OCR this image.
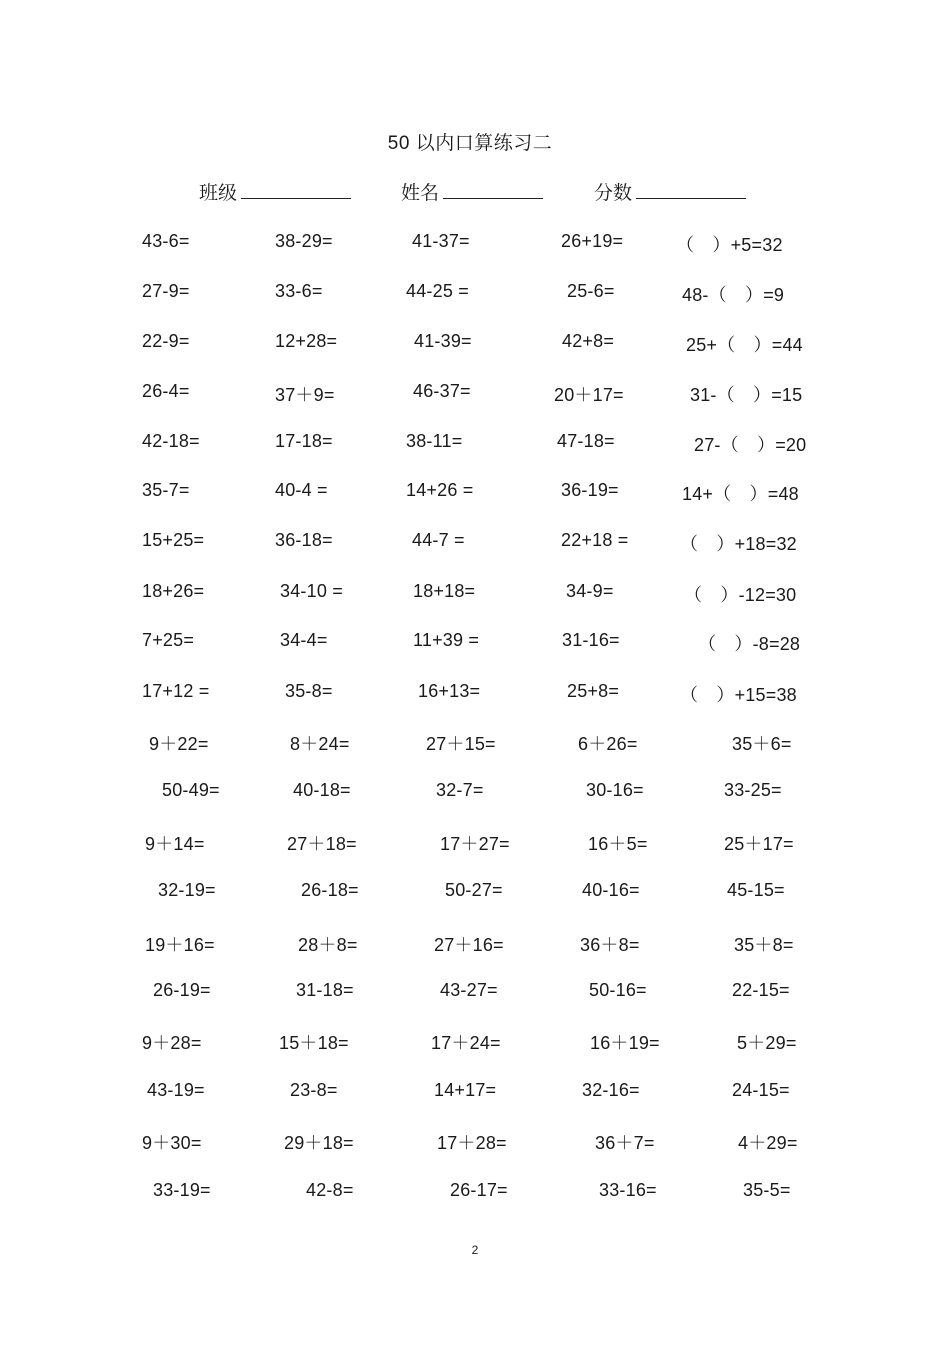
50 以内口算练习二
班级	姓名	分数
43-6=	38-29=	41-37=	26+19=	（　）+5=32
27-9=	33-6=	44-25 =	25-6=	48-（　）=9
22-9=	12+28=	41-39=	42+8=	25+（　）=44
26-4=	37＋9=	46-37=	20＋17=	31-（　）=15
42-18=	17-18=	38-11=	47-18=	27-（　）=20
35-7=	40-4 =	14+26 =	36-19=	14+（　）=48
15+25=	36-18=	44-7 =	22+18 =	（　）+18=32
18+26=	34-10 =	18+18=	34-9=	（　）-12=30
7+25=	34-4=	11+39 =	31-16=	（　）-8=28
17+12 =	35-8=	16+13=	25+8=	（　）+15=38
9＋22=	8＋24=	27＋15=	6＋26=	35＋6=
50-49=	40-18=	32-7=	30-16=	33-25=
9＋14=	27＋18=	17＋27=	16＋5=	25＋17=
32-19=	26-18=	50-27=	40-16=	45-15=
19＋16=	28＋8=	27＋16=	36＋8=	35＋8=
26-19=	31-18=	43-27=	50-16=	22-15=
9＋28=	15＋18=	17＋24=	16＋19=	5＋29=
43-19=	23-8=	14+17=	32-16=	24-15=
9＋30=	29＋18=	17＋28=	36＋7=	4＋29=
33-19=	42-8=	26-17=	33-16=	35-5=
2
